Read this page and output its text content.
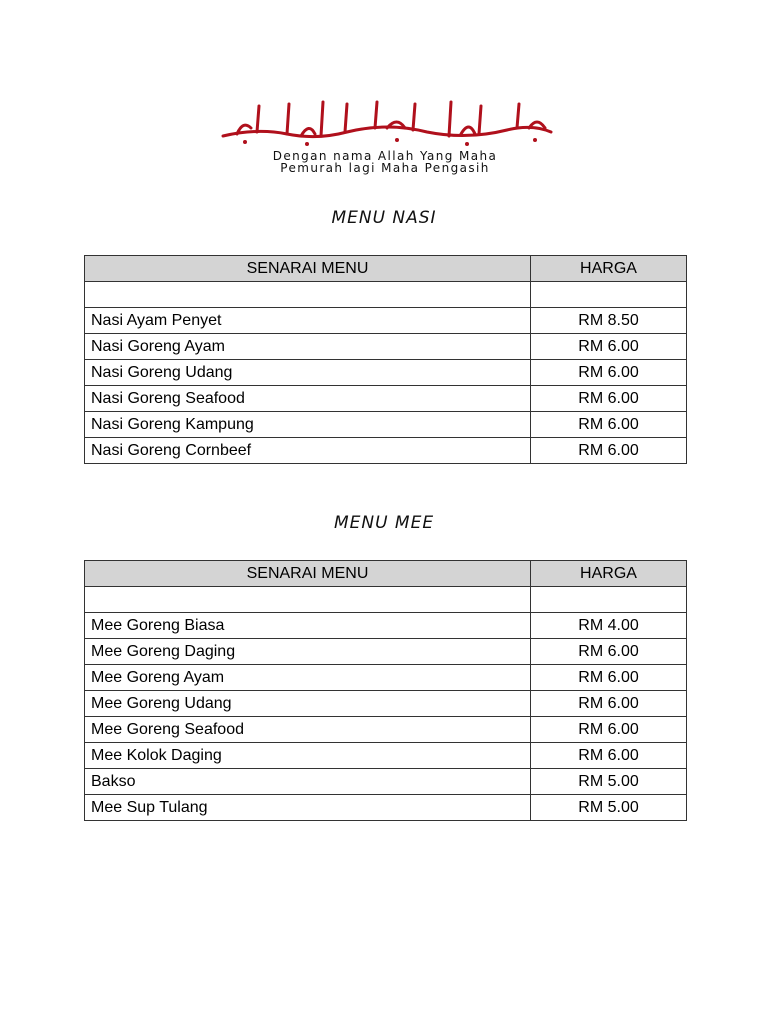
Dengan nama Allah Yang Maha
Pemurah lagi Maha Pengasih
MENU NASI
SENARAI MENU	HARGA

Nasi Ayam Penyet	RM 8.50
Nasi Goreng Ayam	RM 6.00
Nasi Goreng Udang	RM 6.00
Nasi Goreng Seafood	RM 6.00
Nasi Goreng Kampung	RM 6.00
Nasi Goreng Cornbeef	RM 6.00
MENU MEE
SENARAI MENU	HARGA

Mee Goreng Biasa	RM 4.00
Mee Goreng Daging	RM 6.00
Mee Goreng Ayam	RM 6.00
Mee Goreng Udang	RM 6.00
Mee Goreng Seafood	RM 6.00
Mee Kolok Daging	RM 6.00
Bakso	RM 5.00
Mee Sup Tulang	RM 5.00
